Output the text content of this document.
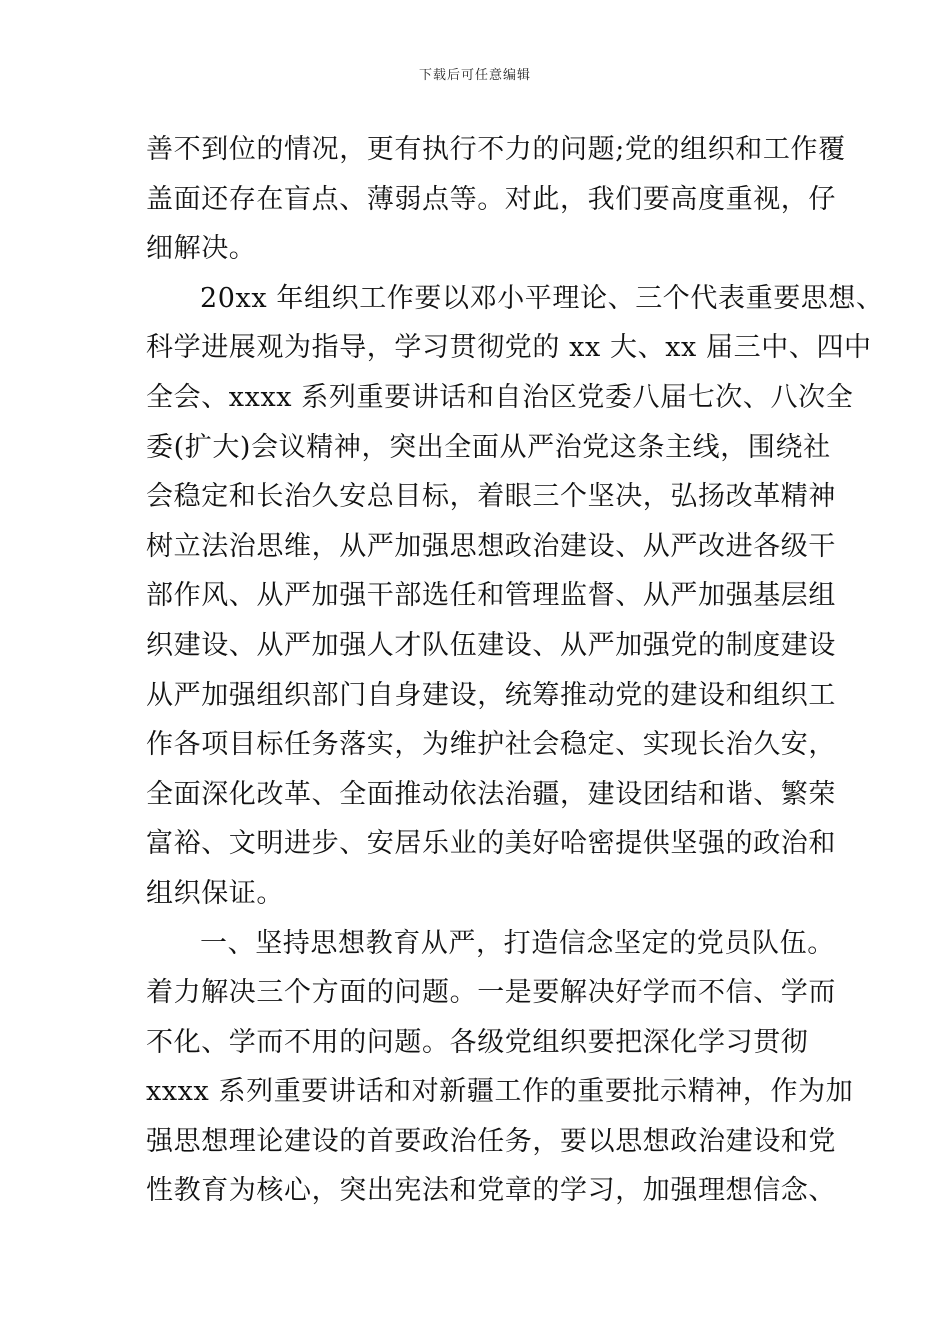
下载后可任意编辑
善不到位的情况，更有执行不力的问题;党的组织和工作覆
盖面还存在盲点、薄弱点等。对此，我们要高度重视，仔
细解决。
20xx 年组织工作要以邓小平理论、三个代表重要思想、
科学进展观为指导，学习贯彻党的 xx 大、xx 届三中、四中
全会、xxxx 系列重要讲话和自治区党委八届七次、八次全
委(扩大)会议精神，突出全面从严治党这条主线，围绕社
会稳定和长治久安总目标，着眼三个坚决，弘扬改革精神
树立法治思维，从严加强思想政治建设、从严改进各级干
部作风、从严加强干部选任和管理监督、从严加强基层组
织建设、从严加强人才队伍建设、从严加强党的制度建设
从严加强组织部门自身建设，统筹推动党的建设和组织工
作各项目标任务落实，为维护社会稳定、实现长治久安，
全面深化改革、全面推动依法治疆，建设团结和谐、繁荣
富裕、文明进步、安居乐业的美好哈密提供坚强的政治和
组织保证。
一、坚持思想教育从严，打造信念坚定的党员队伍。
着力解决三个方面的问题。一是要解决好学而不信、学而
不化、学而不用的问题。各级党组织要把深化学习贯彻
xxxx 系列重要讲话和对新疆工作的重要批示精神，作为加
强思想理论建设的首要政治任务，要以思想政治建设和党
性教育为核心，突出宪法和党章的学习，加强理想信念、
